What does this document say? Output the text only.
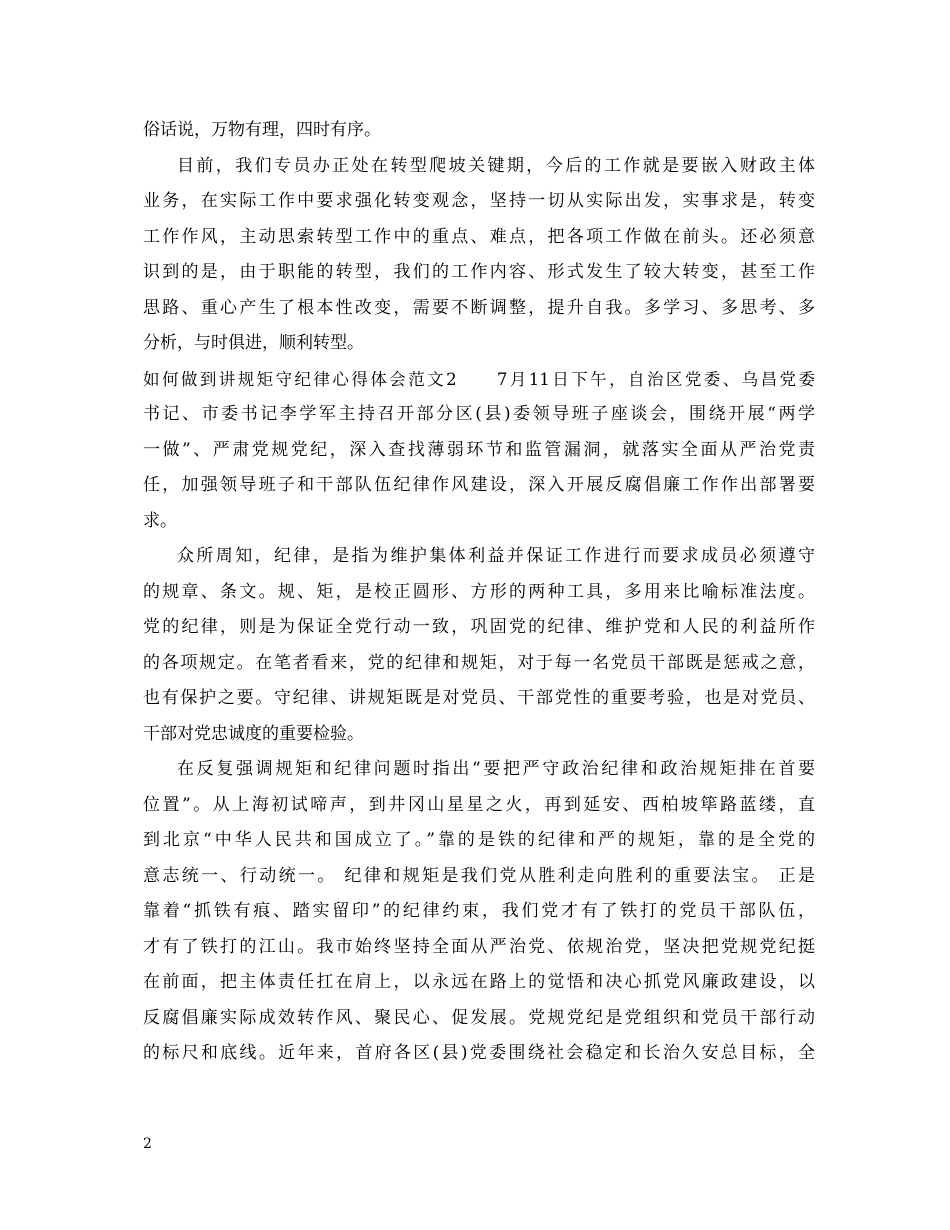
俗话说，万物有理，四时有序。
目前，我们专员办正处在转型爬坡关键期，今后的工作就是要嵌入财政主体
业务，在实际工作中要求强化转变观念，坚持一切从实际出发，实事求是，转变
工作作风，主动思索转型工作中的重点、难点，把各项工作做在前头。还必须意
识到的是，由于职能的转型，我们的工作内容、形式发生了较大转变，甚至工作
思路、重心产生了根本性改变，需要不断调整，提升自我。多学习、多思考、多
分析，与时俱进，顺利转型。
如何做到讲规矩守纪律心得体会范文2　　7月11日下午，自治区党委、乌昌党委
书记、市委书记李学军主持召开部分区(县)委领导班子座谈会，围绕开展“两学
一做”、严肃党规党纪，深入查找薄弱环节和监管漏洞，就落实全面从严治党责
任，加强领导班子和干部队伍纪律作风建设，深入开展反腐倡廉工作作出部署要
求。
众所周知，纪律，是指为维护集体利益并保证工作进行而要求成员必须遵守
的规章、条文。规、矩，是校正圆形、方形的两种工具，多用来比喻标准法度。
党的纪律，则是为保证全党行动一致，巩固党的纪律、维护党和人民的利益所作
的各项规定。在笔者看来，党的纪律和规矩，对于每一名党员干部既是惩戒之意，
也有保护之要。守纪律、讲规矩既是对党员、干部党性的重要考验，也是对党员、
干部对党忠诚度的重要检验。
在反复强调规矩和纪律问题时指出“要把严守政治纪律和政治规矩排在首要
位置”。从上海初试啼声，到井冈山星星之火，再到延安、西柏坡筚路蓝缕，直
到北京“中华人民共和国成立了。”靠的是铁的纪律和严的规矩，靠的是全党的
意志统一、行动统一。 纪律和规矩是我们党从胜利走向胜利的重要法宝。 正是
靠着“抓铁有痕、踏实留印”的纪律约束，我们党才有了铁打的党员干部队伍，
才有了铁打的江山。我市始终坚持全面从严治党、依规治党，坚决把党规党纪挺
在前面，把主体责任扛在肩上，以永远在路上的觉悟和决心抓党风廉政建设，以
反腐倡廉实际成效转作风、聚民心、促发展。党规党纪是党组织和党员干部行动
的标尺和底线。近年来，首府各区(县)党委围绕社会稳定和长治久安总目标，全
2
